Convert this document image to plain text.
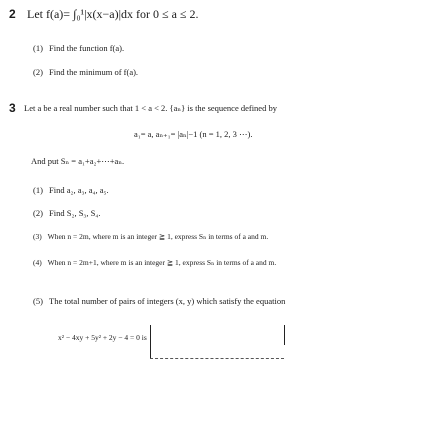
2 Let f(a)= ∫₀¹|x(x−a)|dx for 0 ≤ a ≤ 2.
(1) Find the function f(a).
(2) Find the minimum of f(a).
3 Let a be a real number such that 1 < a < 2. {aₙ} is the sequence defined by
a₁= a, aₙ₊₁= |aₙ|−1 (n = 1, 2, 3 ⋯).
And put Sₙ = a₁+a₂+⋯+aₙ.
(1) Find a₂, a₃, a₄, a₅.
(2) Find S₂, S₃, S₄.
(3) When n = 2m, where m is an integer ≧ 1, express Sₙ in terms of a and m.
(4) When n = 2m+1, where m is an integer ≧ 1, express Sₙ in terms of a and m.
(5) The total number of pairs of integers (x, y) which satisfy the equation
x² − 4xy + 5y² + 2y − 4 = 0 is
